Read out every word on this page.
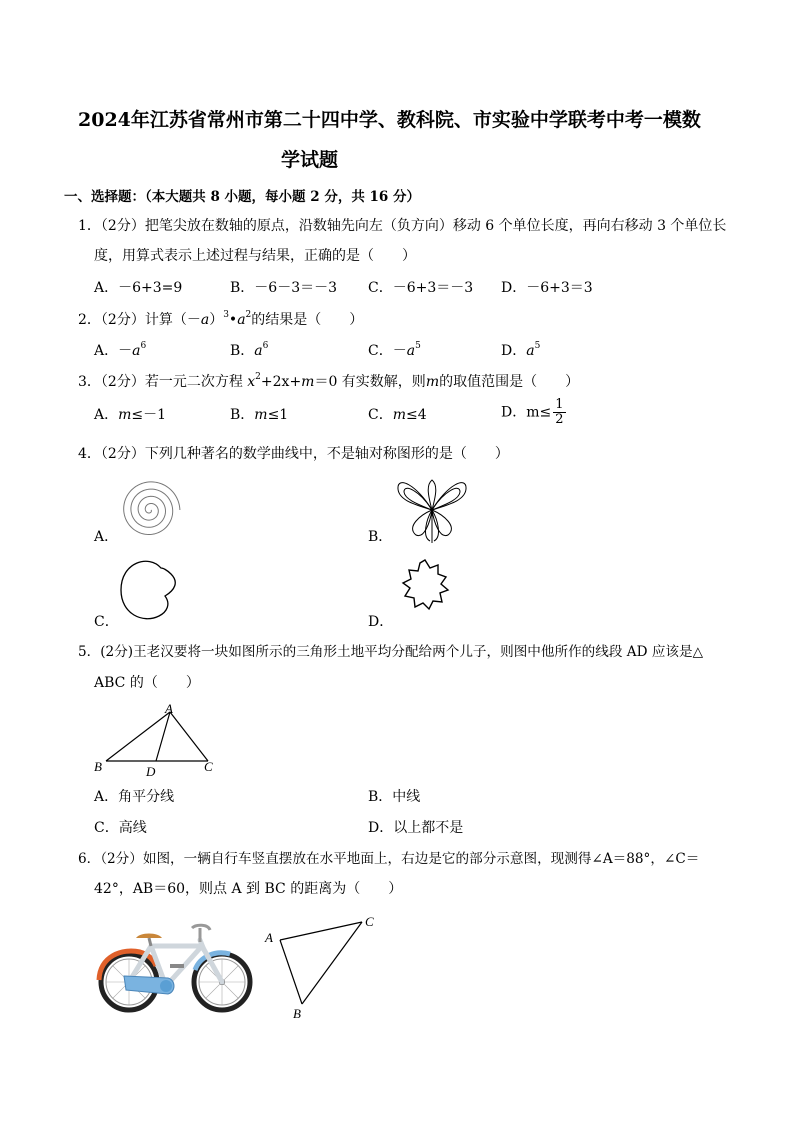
2024年江苏省常州市第二十四中学、教科院、市实验中学联考中考一模数
学试题
一、选择题：（本大题共 8 小题，每小题 2 分，共 16 分）
1．（2分）把笔尖放在数轴的原点，沿数轴先向左（负方向）移动 6 个单位长度，再向右移动 3 个单位长
度，用算式表示上述过程与结果，正确的是（　　）
A．－6+3=9	B．－6－3＝－3 C．－6+3＝－3 D．－6+3＝3
2．（2分）计算$(-a)^3•a^2$的结果是（　　）
A．$-a^6$	B．$a^6$	C．$-a^5$	D．$a^5$
3．（2分）若一元二次方程 $x^2+2x+m=0$ 有实数解，则m的取值范围是（　　）
A．m≤－1	B．m≤1	C．m≤4	D．$m\le \frac{1}{2}$
4．（2分）下列几种著名的数学曲线中，不是轴对称图形的是（　　）
A．	B．
C．	D．
5．(2分)王老汉要将一块如图所示的三角形土地平均分配给两个儿子，则图中他所作的线段 AD 应该是△
ABC 的（　　）
A
B	C
D
A．角平分线	B．中线
C．高线	D．以上都不是
6．（2分）如图，一辆自行车竖直摆放在水平地面上，右边是它的部分示意图，现测得∠A＝88°，∠C＝
42°，AB＝60，则点 A 到 BC 的距离为（　　）
A
C
B
